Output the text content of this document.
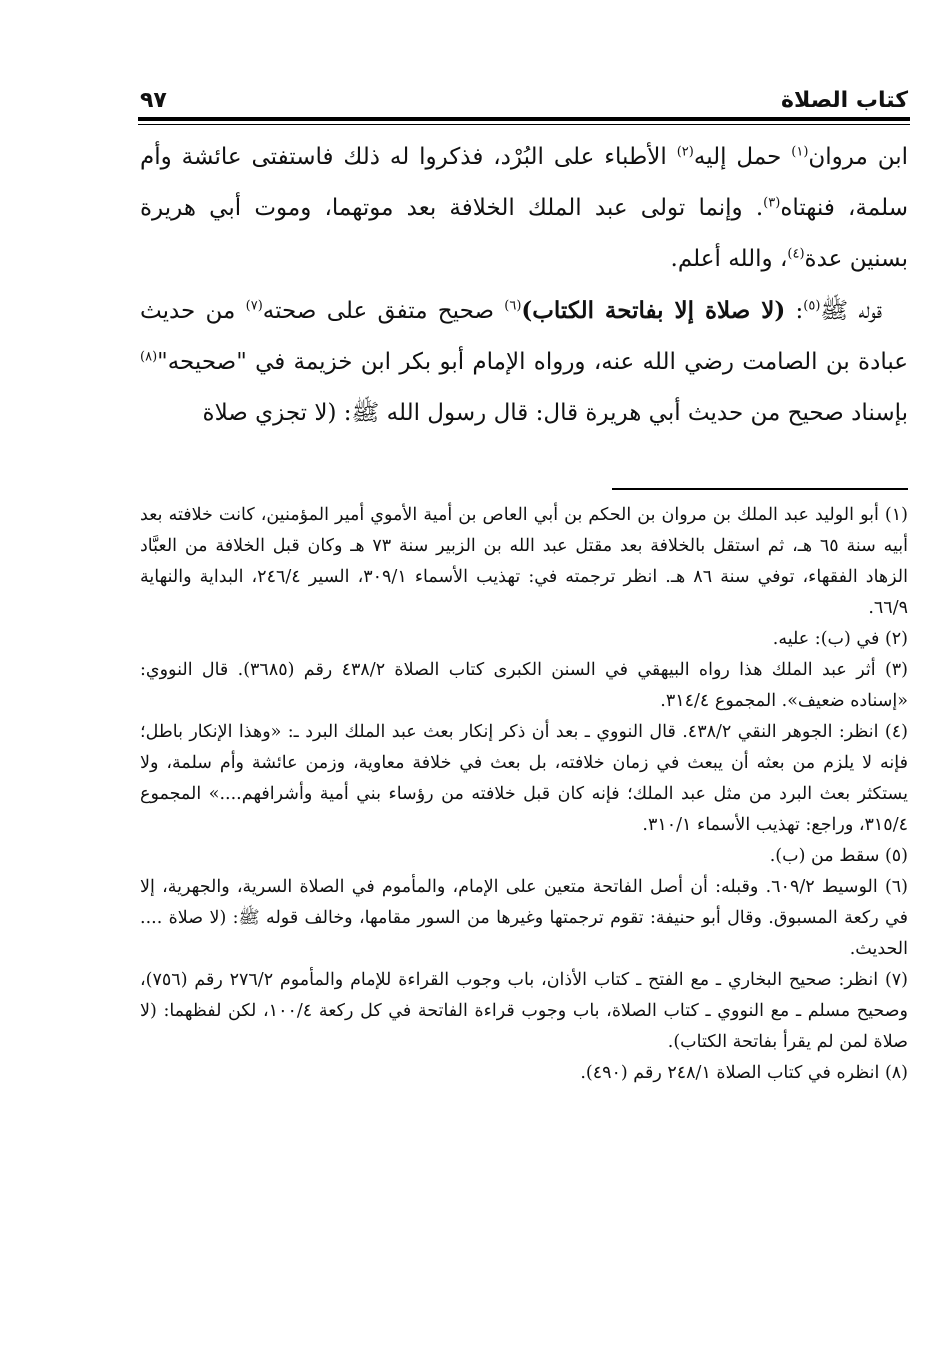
كتاب الصلاة
٩٧

ابن مروان$^{(١)}$ حمل إليه$^{(٢)}$ الأطباء على البُرْد، فذكروا له ذلك فاستفتى عائشة وأم سلمة، فنهتاه$^{(٣)}$. وإنما تولى عبد الملك الخلافة بعد موتهما، وموت أبي هريرة بسنين عدة$^{(٤)}$، والله أعلم.

قوله ﷺ$^{(٥)}$: (لا صلاة إلا بفاتحة الكتاب)$^{(٦)}$ صحيح متفق على صحته$^{(٧)}$ من حديث عبادة بن الصامت رضي الله عنه، ورواه الإمام أبو بكر ابن خزيمة في "صحيحه"$^{(٨)}$ بإسناد صحيح من حديث أبي هريرة قال: قال رسول الله ﷺ: (لا تجزي صلاة

(١) أبو الوليد عبد الملك بن مروان بن الحكم بن أبي العاص بن أمية الأموي أمير المؤمنين، كانت خلافته بعد أبيه سنة ٦٥ هـ، ثم استقل بالخلافة بعد مقتل عبد الله بن الزبير سنة ٧٣ هـ وكان قبل الخلافة من العبَّاد الزهاد الفقهاء، توفي سنة ٨٦ هـ. انظر ترجمته في: تهذيب الأسماء ٣٠٩/١، السير ٢٤٦/٤، البداية والنهاية ٦٦/٩.

(٢) في (ب): عليه.

(٣) أثر عبد الملك هذا رواه البيهقي في السنن الكبرى كتاب الصلاة ٤٣٨/٢ رقم (٣٦٨٥). قال النووي: «إسناده ضعيف». المجموع ٣١٤/٤.

(٤) انظر: الجوهر النقي ٤٣٨/٢. قال النووي ـ بعد أن ذكر إنكار بعث عبد الملك البرد ـ: «وهذا الإنكار باطل؛ فإنه لا يلزم من بعثه أن يبعث في زمان خلافته، بل بعث في خلافة معاوية، وزمن عائشة وأم سلمة، ولا يستكثر بعث البرد من مثل عبد الملك؛ فإنه كان قبل خلافته من رؤساء بني أمية وأشرافهم....» المجموع ٣١٥/٤، وراجع: تهذيب الأسماء ٣١٠/١.

(٥) سقط من (ب).

(٦) الوسيط ٦٠٩/٢. وقبله: أن أصل الفاتحة متعين على الإمام، والمأموم في الصلاة السرية، والجهرية، إلا في ركعة المسبوق. وقال أبو حنيفة: تقوم ترجمتها وغيرها من السور مقامها، وخالف قوله ﷺ: (لا صلاة .... الحديث.

(٧) انظر: صحيح البخاري ـ مع الفتح ـ كتاب الأذان، باب وجوب القراءة للإمام والمأموم ٢٧٦/٢ رقم (٧٥٦)، وصحيح مسلم ـ مع النووي ـ كتاب الصلاة، باب وجوب قراءة الفاتحة في كل ركعة ١٠٠/٤، لكن لفظهما: (لا صلاة لمن لم يقرأ بفاتحة الكتاب).

(٨) انظره في كتاب الصلاة ٢٤٨/١ رقم (٤٩٠).
